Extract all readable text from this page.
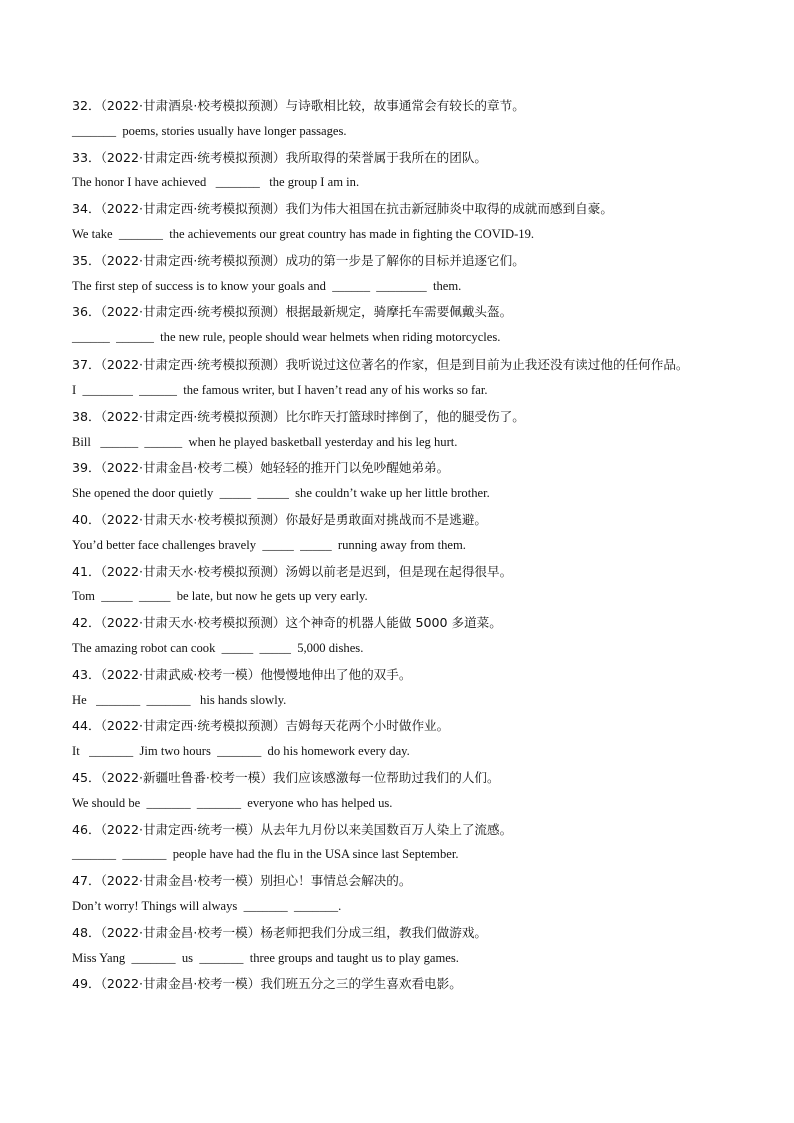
32．（2022·甘肃酒泉·校考模拟预测）与诗歌相比较，故事通常会有较长的章节。
_______  poems, stories usually have longer passages.
33．（2022·甘肃定西·统考模拟预测）我所取得的荣誉属于我所在的团队。
The honor I have achieved   _______   the group I am in.
34．（2022·甘肃定西·统考模拟预测）我们为伟大祖国在抗击新冠肺炎中取得的成就而感到自豪。
We take  _______  the achievements our great country has made in fighting the COVID-19.
35．（2022·甘肃定西·统考模拟预测）成功的第一步是了解你的目标并追逐它们。
The first step of success is to know your goals and  ______  ________  them.
36．（2022·甘肃定西·统考模拟预测）根据最新规定，骑摩托车需要佩戴头盔。
______  ______  the new rule, people should wear helmets when riding motorcycles.
37．（2022·甘肃定西·统考模拟预测）我听说过这位著名的作家，但是到目前为止我还没有读过他的任何作品。
I  ________  ______  the famous writer, but I haven’t read any of his works so far.
38．（2022·甘肃定西·统考模拟预测）比尔昨天打篮球时摔倒了，他的腿受伤了。
Bill   ______  ______  when he played basketball yesterday and his leg hurt.
39．（2022·甘肃金昌·校考二模）她轻轻的推开门以免吵醒她弟弟。
She opened the door quietly  _____  _____  she couldn’t wake up her little brother.
40．（2022·甘肃天水·校考模拟预测）你最好是勇敢面对挑战而不是逃避。
You’d better face challenges bravely  _____  _____  running away from them.
41．（2022·甘肃天水·校考模拟预测）汤姆以前老是迟到，但是现在起得很早。
Tom  _____  _____  be late, but now he gets up very early.
42．（2022·甘肃天水·校考模拟预测）这个神奇的机器人能做 5000 多道菜。
The amazing robot can cook  _____  _____  5,000 dishes.
43．（2022·甘肃武威·校考一模）他慢慢地伸出了他的双手。
He   _______  _______   his hands slowly.
44．（2022·甘肃定西·统考模拟预测）吉姆每天花两个小时做作业。
It   _______  Jim two hours  _______  do his homework every day.
45．（2022·新疆吐鲁番·校考一模）我们应该感激每一位帮助过我们的人们。
We should be  _______  _______  everyone who has helped us.
46．（2022·甘肃定西·统考一模）从去年九月份以来美国数百万人染上了流感。
_______  _______  people have had the flu in the USA since last September.
47．（2022·甘肃金昌·校考一模）别担心！事情总会解决的。
Don’t worry! Things will always  _______  _______.
48．（2022·甘肃金昌·校考一模）杨老师把我们分成三组，教我们做游戏。
Miss Yang  _______  us  _______  three groups and taught us to play games.
49．（2022·甘肃金昌·校考一模）我们班五分之三的学生喜欢看电影。
